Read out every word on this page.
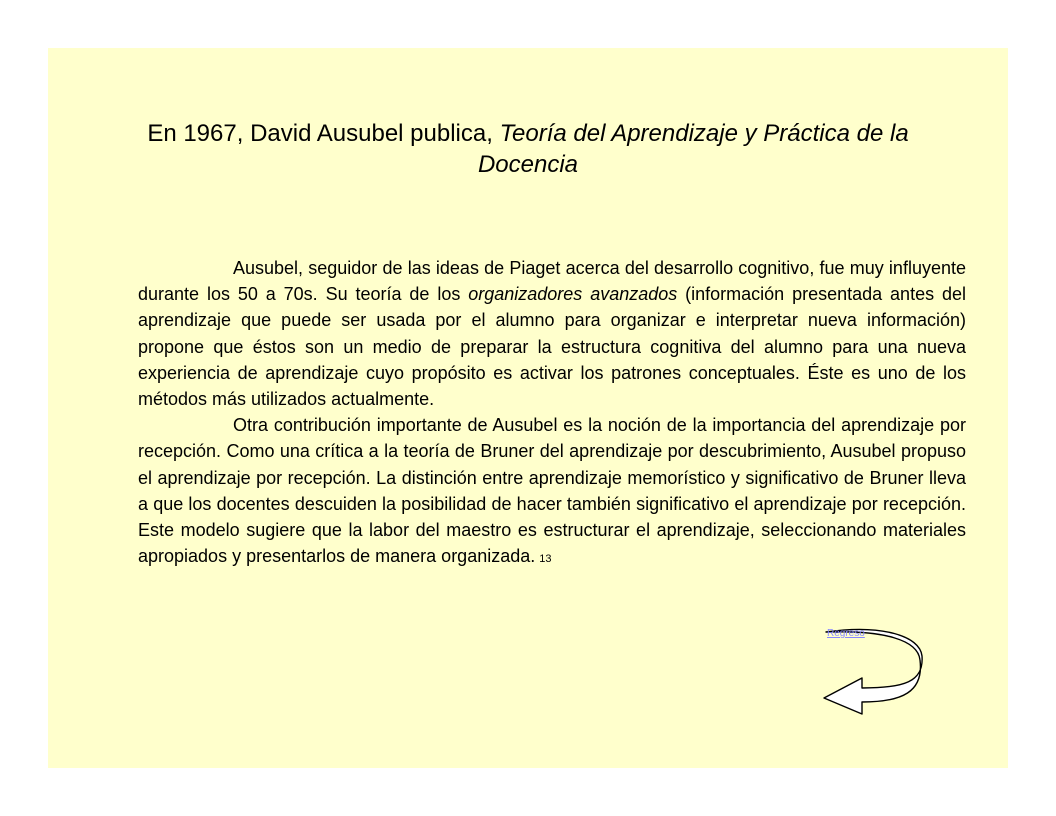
En 1967, David Ausubel publica, Teoría del Aprendizaje y Práctica de la Docencia

Ausubel, seguidor de las ideas de Piaget acerca del desarrollo cognitivo, fue muy influyente durante los 50 a 70s. Su teoría de los organizadores avanzados (información presentada antes del aprendizaje que puede ser usada por el alumno para organizar e interpretar nueva información) propone que éstos son un medio de preparar la estructura cognitiva del alumno para una nueva experiencia de aprendizaje cuyo propósito es activar los patrones conceptuales. Éste es uno de los métodos más utilizados actualmente.

Otra contribución importante de Ausubel es la noción de la importancia del aprendizaje por recepción. Como una crítica a la teoría de Bruner del aprendizaje por descubrimiento, Ausubel propuso el aprendizaje por recepción. La distinción entre aprendizaje memorístico y significativo de Bruner lleva a que los docentes descuiden la posibilidad de hacer también significativo el aprendizaje por recepción. Este modelo sugiere que la labor del maestro es estructurar el aprendizaje, seleccionando materiales apropiados y presentarlos de manera organizada. 13

Regreso
